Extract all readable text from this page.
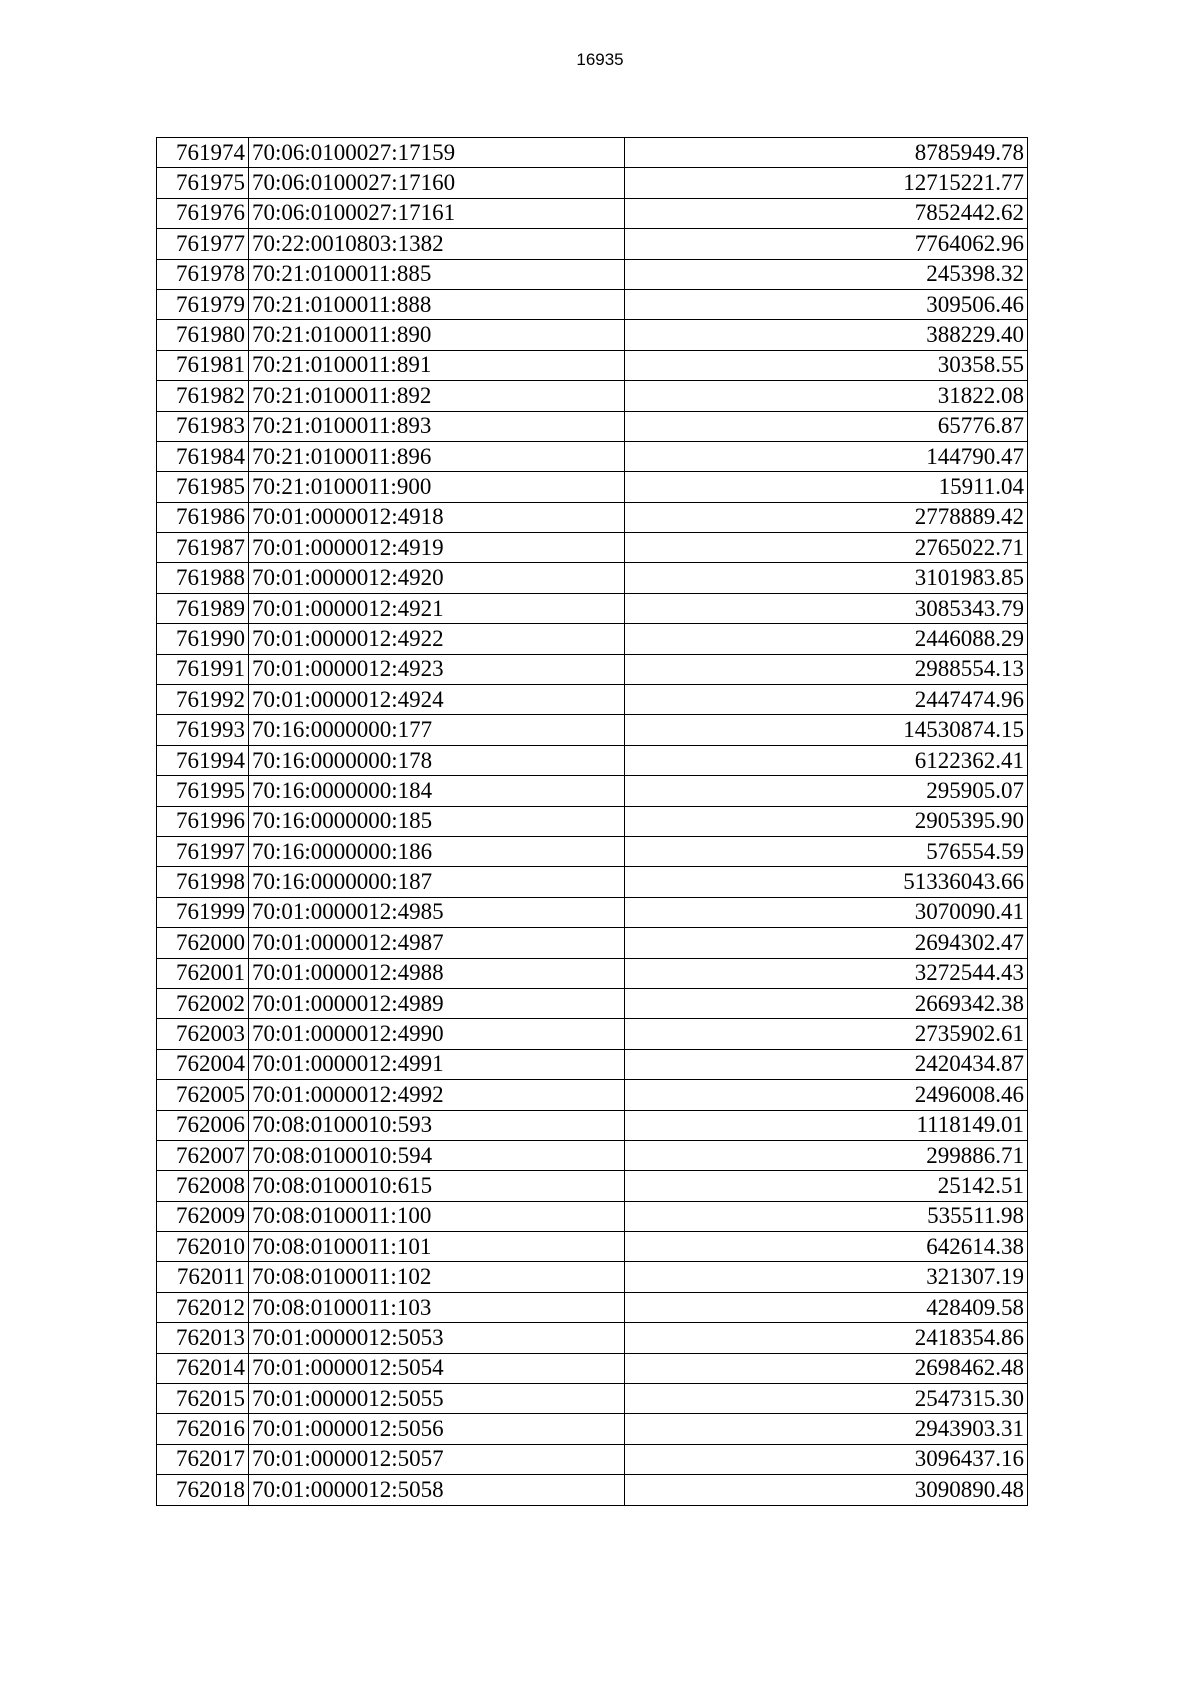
16935
761974	70:06:0100027:17159	8785949.78
761975	70:06:0100027:17160	12715221.77
761976	70:06:0100027:17161	7852442.62
761977	70:22:0010803:1382	7764062.96
761978	70:21:0100011:885	245398.32
761979	70:21:0100011:888	309506.46
761980	70:21:0100011:890	388229.40
761981	70:21:0100011:891	30358.55
761982	70:21:0100011:892	31822.08
761983	70:21:0100011:893	65776.87
761984	70:21:0100011:896	144790.47
761985	70:21:0100011:900	15911.04
761986	70:01:0000012:4918	2778889.42
761987	70:01:0000012:4919	2765022.71
761988	70:01:0000012:4920	3101983.85
761989	70:01:0000012:4921	3085343.79
761990	70:01:0000012:4922	2446088.29
761991	70:01:0000012:4923	2988554.13
761992	70:01:0000012:4924	2447474.96
761993	70:16:0000000:177	14530874.15
761994	70:16:0000000:178	6122362.41
761995	70:16:0000000:184	295905.07
761996	70:16:0000000:185	2905395.90
761997	70:16:0000000:186	576554.59
761998	70:16:0000000:187	51336043.66
761999	70:01:0000012:4985	3070090.41
762000	70:01:0000012:4987	2694302.47
762001	70:01:0000012:4988	3272544.43
762002	70:01:0000012:4989	2669342.38
762003	70:01:0000012:4990	2735902.61
762004	70:01:0000012:4991	2420434.87
762005	70:01:0000012:4992	2496008.46
762006	70:08:0100010:593	1118149.01
762007	70:08:0100010:594	299886.71
762008	70:08:0100010:615	25142.51
762009	70:08:0100011:100	535511.98
762010	70:08:0100011:101	642614.38
762011	70:08:0100011:102	321307.19
762012	70:08:0100011:103	428409.58
762013	70:01:0000012:5053	2418354.86
762014	70:01:0000012:5054	2698462.48
762015	70:01:0000012:5055	2547315.30
762016	70:01:0000012:5056	2943903.31
762017	70:01:0000012:5057	3096437.16
762018	70:01:0000012:5058	3090890.48
